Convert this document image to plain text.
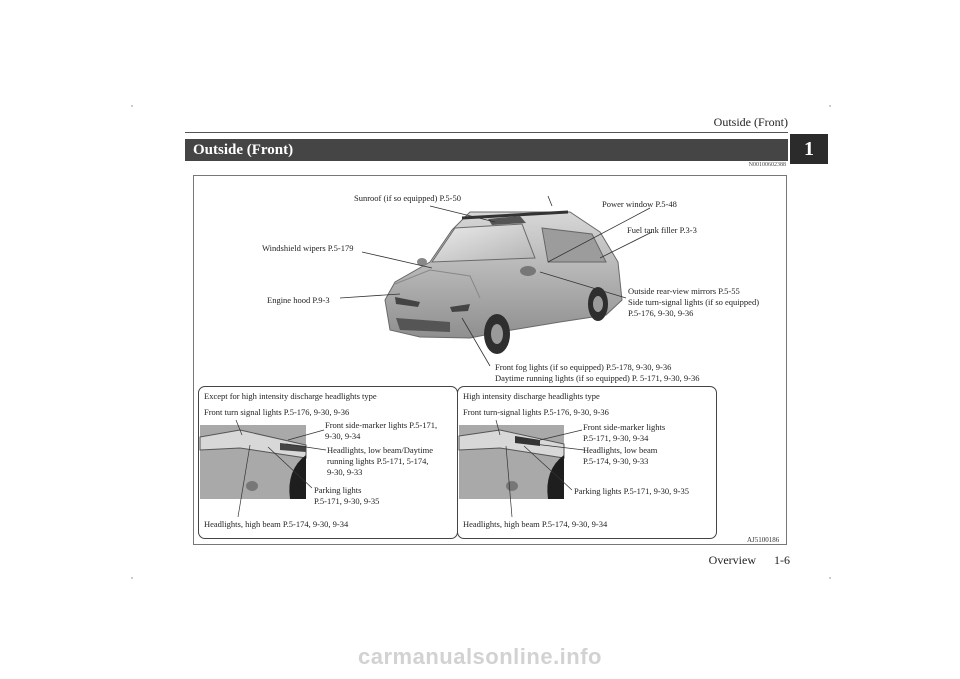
Outside (Front)
1
Outside (Front)
N00100602388
Sunroof (if so equipped) P.5-50
Power window P.5-48
Fuel tank filler P.3-3
Windshield wipers P.5-179
Outside rear-view mirrors P.5-55
Side turn-signal lights (if so equipped)
P.5-176, 9-30, 9-36
Engine hood P.9-3
Front fog lights (if so equipped) P.5-178, 9-30, 9-36
Daytime running lights (if so equipped) P. 5-171, 9-30, 9-36
Except for high intensity discharge headlights type
Front turn signal lights P.5-176, 9-30, 9-36
Front side-marker lights P.5-171,
9-30, 9-34
Headlights, low beam/Daytime
running lights P.5-171, 5-174,
9-30, 9-33
Parking lights
P.5-171, 9-30, 9-35
Headlights, high beam P.5-174, 9-30, 9-34
High intensity discharge headlights type
Front turn-signal lights P.5-176, 9-30, 9-36
Front side-marker lights
P.5-171, 9-30, 9-34
Headlights, low beam
P.5-174, 9-30, 9-33
Parking lights P.5-171, 9-30, 9-35
Headlights, high beam P.5-174, 9-30, 9-34
AJ5100186
Overview 1-6
carmanualsonline.info
